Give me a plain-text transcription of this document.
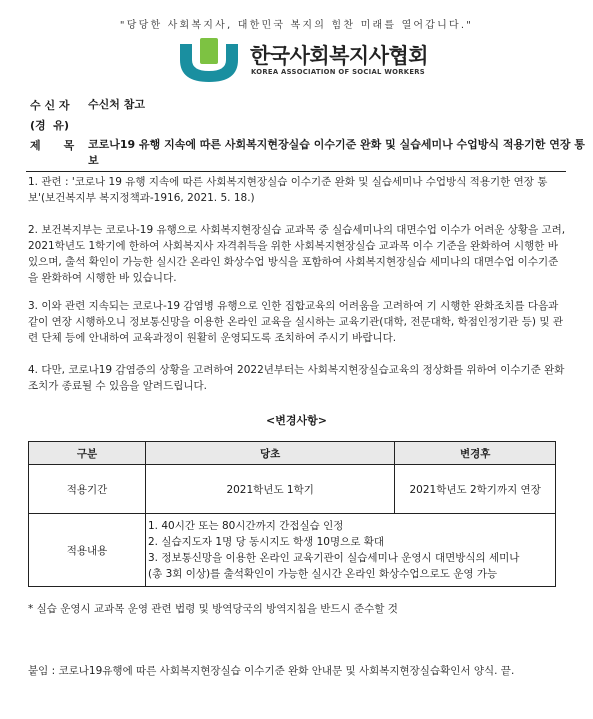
"당당한 사회복지사, 대한민국 복지의 힘찬 미래를 열어갑니다."
한국사회복지사협회
KOREA ASSOCIATION OF SOCIAL WORKERS
수 신 자	수신처 참고
(경  유)
제      목 코로나19 유행 지속에 따른 사회복지현장실습 이수기준 완화 및 실습세미나 수업방식 적용기한 연장 통보
1. 관련 : '코로나 19 유행 지속에 따른 사회복지현장실습 이수기준 완화 및 실습세미나 수업방식 적용기한 연장 통보'(보건복지부 복지정책과-1916, 2021. 5. 18.)
2. 보건복지부는 코로나-19 유행으로 사회복지현장실습 교과목 중 실습세미나의 대면수업 이수가 어려운 상황을 고려, 2021학년도 1학기에 한하여 사회복지사 자격취득을 위한 사회복지현장실습 교과목 이수 기준을 완화하여 시행한 바 있으며, 출석 확인이 가능한 실시간 온라인 화상수업 방식을 포함하여 사회복지현장실습 세미나의 대면수업 이수기준을 완화하여 시행한 바 있습니다.
3. 이와 관련 지속되는 코로나-19 감염병 유행으로 인한 집합교육의 어려움을 고려하여 기 시행한 완화조치를 다음과 같이 연장 시행하오니 정보통신망을 이용한 온라인 교육을 실시하는 교육기관(대학, 전문대학, 학점인정기관 등) 및 관련 단체 등에 안내하여 교육과정이 원활히 운영되도록 조치하여 주시기 바랍니다.
4. 다만, 코로나19 감염증의 상황을 고려하여 2022년부터는 사회복지현장실습교육의 정상화를 위하여 이수기준 완화조치가 종료될 수 있음을 알려드립니다.
<변경사항>
구분	당초	변경후
적용기간	2021학년도 1학기	2021학년도 2학기까지 연장
적용내용	1. 40시간 또는 80시간까지 간접실습 인정
2. 실습지도자 1명 당 동시지도 학생 10명으로 확대
3. 정보통신망을 이용한 온라인 교육기관이 실습세미나 운영시 대면방식의 세미나
(총 3회 이상)를 출석확인이 가능한 실시간 온라인 화상수업으로도 운영 가능	
* 실습 운영시 교과목 운영 관련 법령 및 방역당국의 방역지침을 반드시 준수할 것
붙임 : 코로나19유행에 따른 사회복지현장실습 이수기준 완화 안내문 및 사회복지현장실습확인서 양식. 끝.
